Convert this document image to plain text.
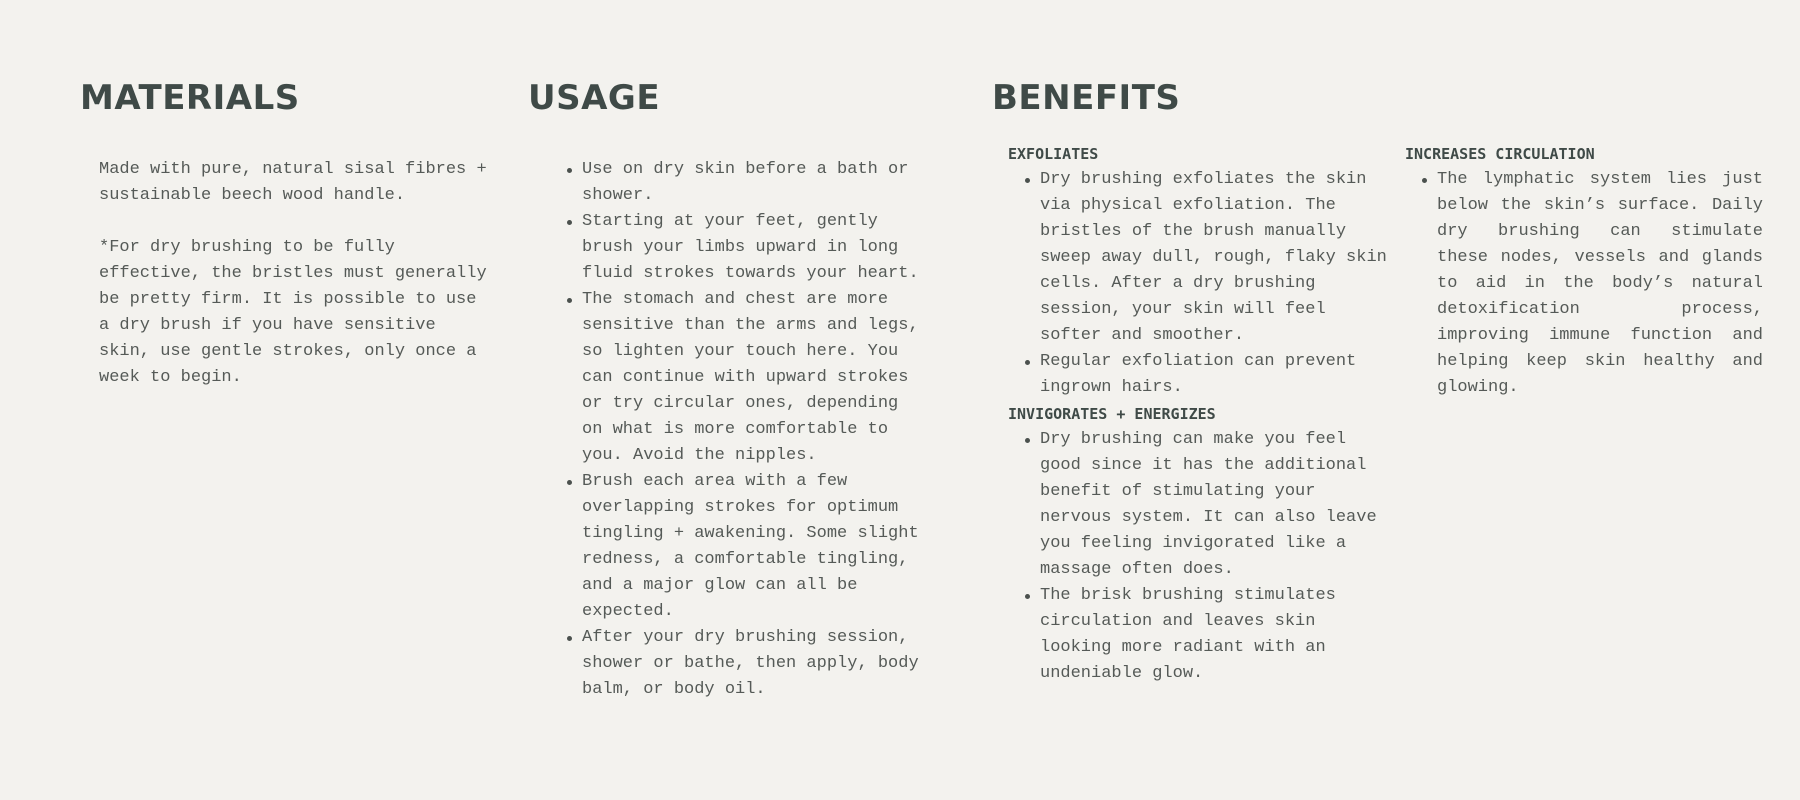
MATERIALS	USAGE	BENEFITS

Made with pure, natural sisal fibres + sustainable beech wood handle.

*For dry brushing to be fully effective, the bristles must generally be pretty firm. It is possible to use a dry brush if you have sensitive skin, use gentle strokes, only once a week to begin.

Use on dry skin before a bath or shower.
Starting at your feet, gently brush your limbs upward in long fluid strokes towards your heart.
The stomach and chest are more sensitive than the arms and legs, so lighten your touch here. You can continue with upward strokes or try circular ones, depending on what is more comfortable to you. Avoid the nipples.
Brush each area with a few overlapping strokes for optimum tingling + awakening. Some slight redness, a comfortable tingling, and a major glow can all be expected.
After your dry brushing session, shower or bathe, then apply, body balm, or body oil.
EXFOLIATES
Dry brushing exfoliates the skin via physical exfoliation. The bristles of the brush manually sweep away dull, rough, flaky skin cells. After a dry brushing session, your skin will feel softer and smoother.
Regular exfoliation can prevent ingrown hairs.
INVIGORATES + ENERGIZES
Dry brushing can make you feel good since it has the additional benefit of stimulating your nervous system. It can also leave you feeling invigorated like a massage often does.
The brisk brushing stimulates circulation and leaves skin looking more radiant with an undeniable glow.
INCREASES CIRCULATION
The lymphatic system lies just below the skin’s surface. Daily dry brushing can stimulate these nodes, vessels and glands to aid in the body’s natural detoxification process, improving immune function and helping keep skin healthy and glowing.
